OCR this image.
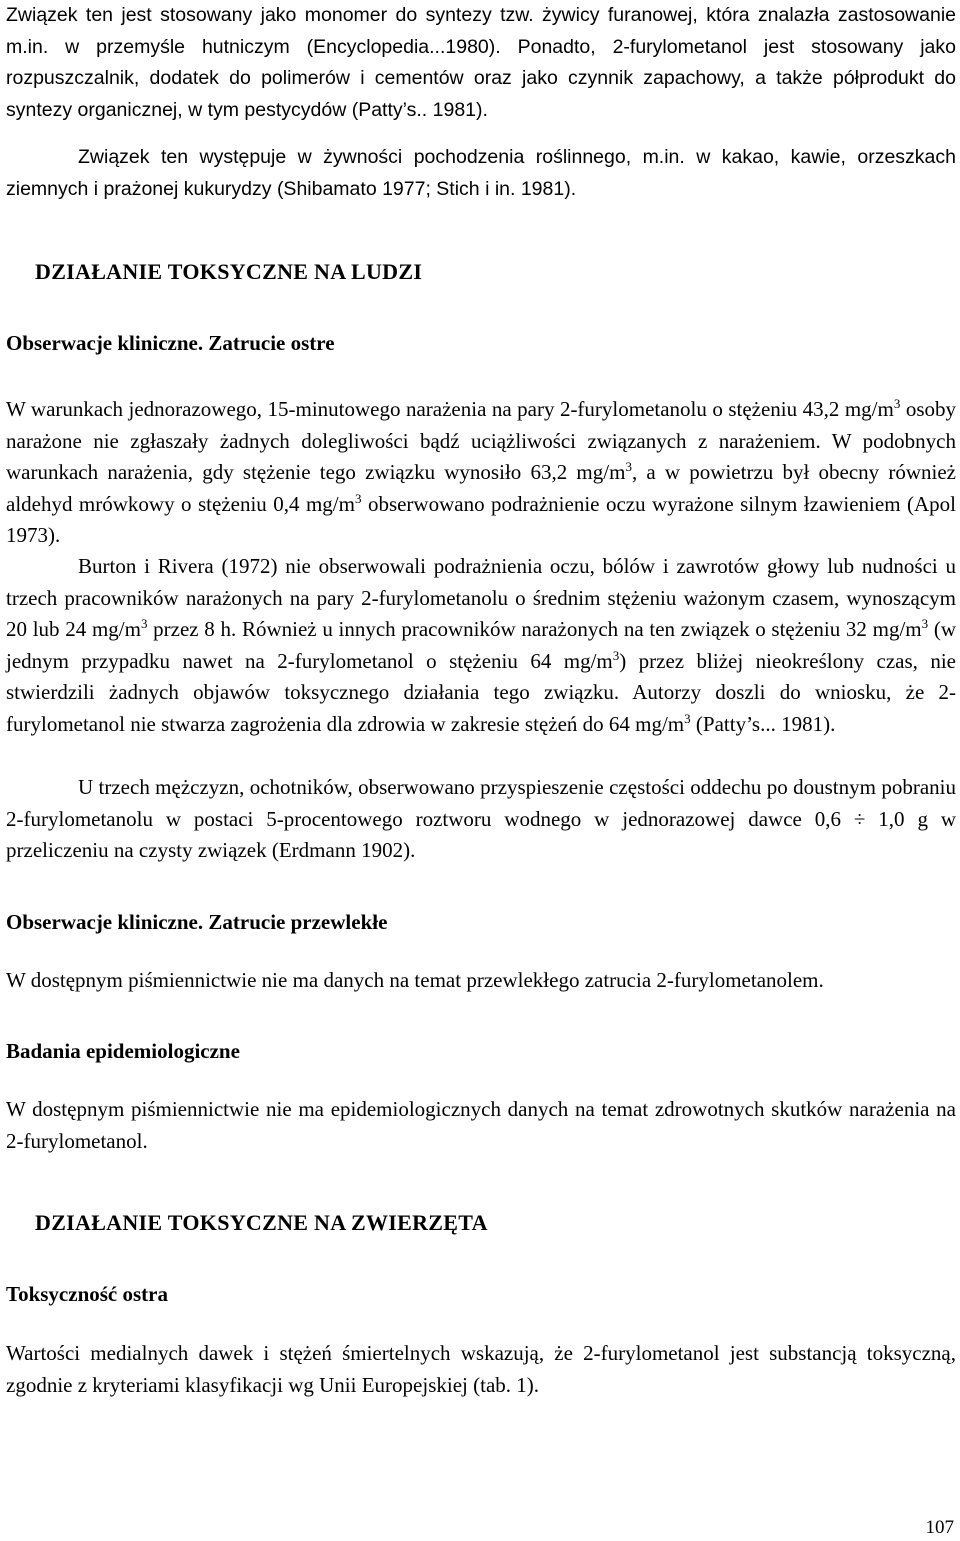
Związek ten jest stosowany jako monomer do syntezy tzw. żywicy furanowej, która znalazła zastosowanie m.in. w przemyśle hutniczym (Encyclopedia...1980). Ponadto, 2-furylometanol jest stosowany jako rozpuszczalnik, dodatek do polimerów i cementów oraz jako czynnik zapachowy, a także półprodukt do syntezy organicznej, w tym pestycydów (Patty’s.. 1981).

Związek ten występuje w żywności pochodzenia roślinnego, m.in. w kakao, kawie, orzeszkach ziemnych i prażonej kukurydzy (Shibamato 1977; Stich i in. 1981).

DZIAŁANIE TOKSYCZNE NA LUDZI
Obserwacje kliniczne. Zatrucie ostre

W warunkach jednorazowego, 15-minutowego narażenia na pary 2-furylometanolu o stężeniu 43,2 $mg/m^3$ osoby narażone nie zgłaszały żadnych dolegliwości bądź uciążliwości związanych z narażeniem. W podobnych warunkach narażenia, gdy stężenie tego związku wynosiło 63,2 $mg/m^3$, a w powietrzu był obecny również aldehyd mrówkowy o stężeniu 0,4 $mg/m^3$ obserwowano podrażnienie oczu wyrażone silnym łzawieniem (Apol 1973).

Burton i Rivera (1972) nie obserwowali podrażnienia oczu, bólów i zawrotów głowy lub nudności u trzech pracowników narażonych na pary 2-furylometanolu o średnim stężeniu ważonym czasem, wynoszącym 20 lub 24 $mg/m^3$ przez 8 h. Również u innych pracowników narażonych na ten związek o stężeniu 32 $mg/m^3$ (w jednym przypadku nawet na 2-furylometanol o stężeniu 64 $mg/m^3$) przez bliżej nieokreślony czas, nie stwierdzili żadnych objawów toksycznego działania tego związku. Autorzy doszli do wniosku, że 2-furylometanol nie stwarza zagrożenia dla zdrowia w zakresie stężeń do 64 $mg/m^3$ (Patty’s... 1981).

U trzech mężczyzn, ochotników, obserwowano przyspieszenie częstości oddechu po doustnym pobraniu 2-furylometanolu w postaci 5-procentowego roztworu wodnego w jednorazowej dawce 0,6 ÷ 1,0 g w przeliczeniu na czysty związek (Erdmann 1902).

Obserwacje kliniczne. Zatrucie przewlekłe

W dostępnym piśmiennictwie nie ma danych na temat przewlekłego zatrucia 2-furylometanolem.

Badania epidemiologiczne

W dostępnym piśmiennictwie nie ma epidemiologicznych danych na temat zdrowotnych skutków narażenia na 2-furylometanol.

DZIAŁANIE TOKSYCZNE NA ZWIERZĘTA
Toksyczność ostra

Wartości medialnych dawek i stężeń śmiertelnych wskazują, że 2-furylometanol jest substancją toksyczną, zgodnie z kryteriami klasyfikacji wg Unii Europejskiej (tab. 1).

107
